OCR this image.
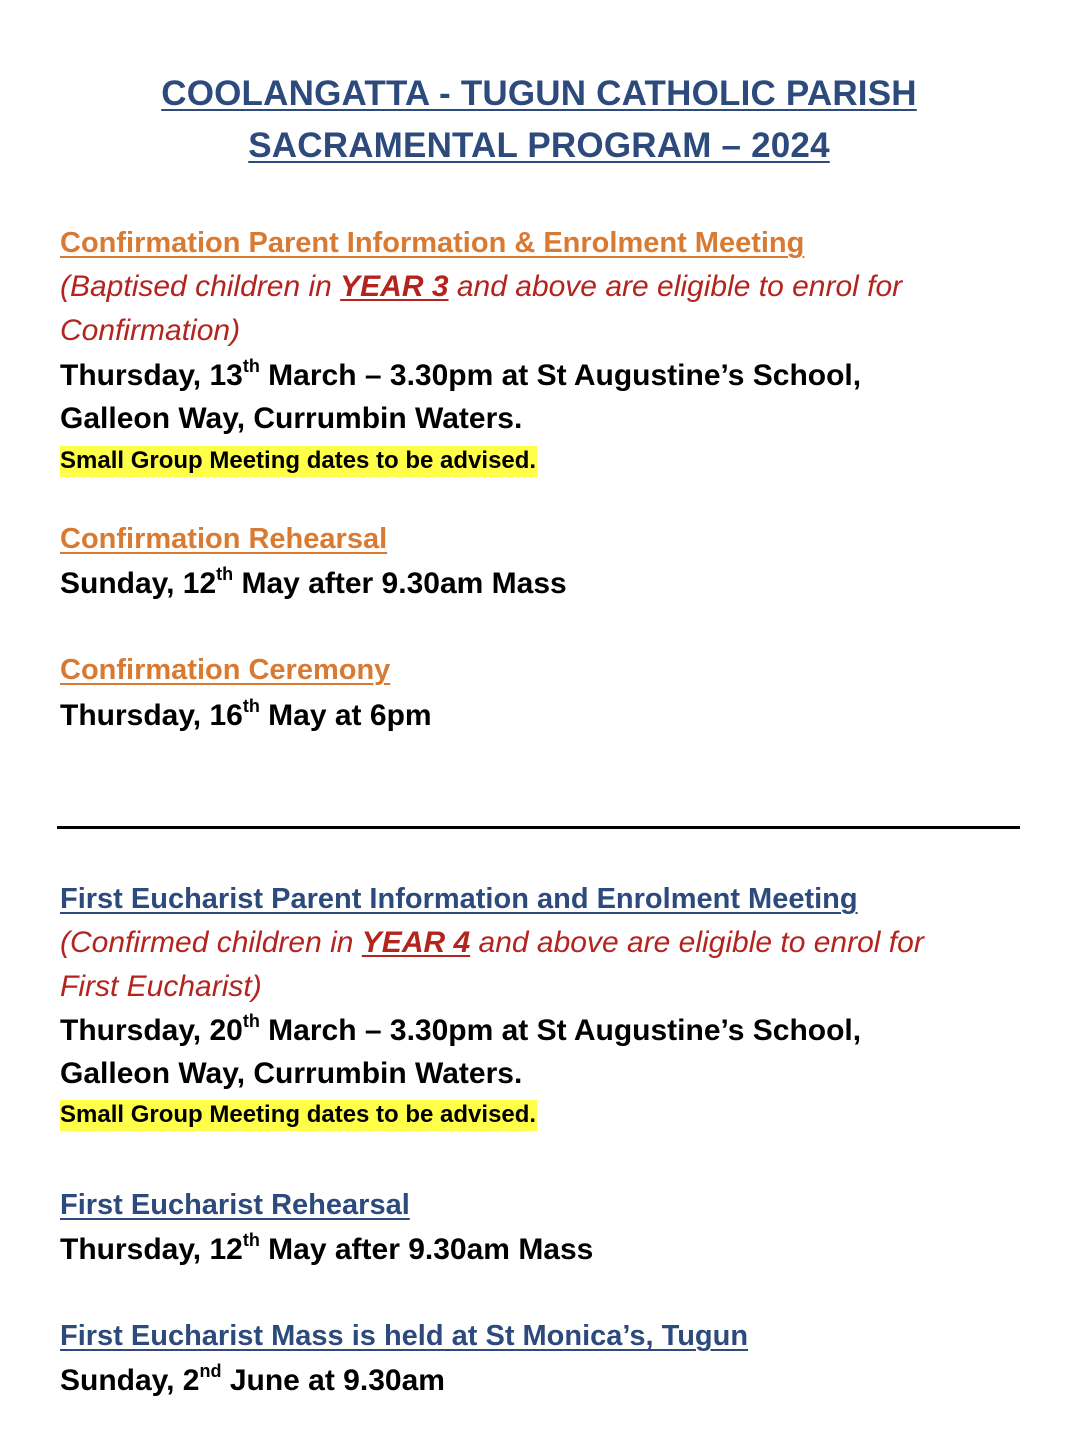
COOLANGATTA - TUGUN CATHOLIC PARISH
SACRAMENTAL PROGRAM – 2024
Confirmation Parent Information & Enrolment Meeting
(Baptised children in YEAR 3 and above are eligible to enrol for
Confirmation)
Thursday, 13th March – 3.30pm at St Augustine’s School,
Galleon Way, Currumbin Waters.
Small Group Meeting dates to be advised.
Confirmation Rehearsal
Sunday, 12th May after 9.30am Mass
Confirmation Ceremony
Thursday, 16th May at 6pm
First Eucharist Parent Information and Enrolment Meeting
(Confirmed children in YEAR 4 and above are eligible to enrol for
First Eucharist)
Thursday, 20th March – 3.30pm at St Augustine’s School,
Galleon Way, Currumbin Waters.
Small Group Meeting dates to be advised.
First Eucharist Rehearsal
Thursday, 12th May after 9.30am Mass
First Eucharist Mass is held at St Monica’s, Tugun
Sunday, 2nd June at 9.30am
